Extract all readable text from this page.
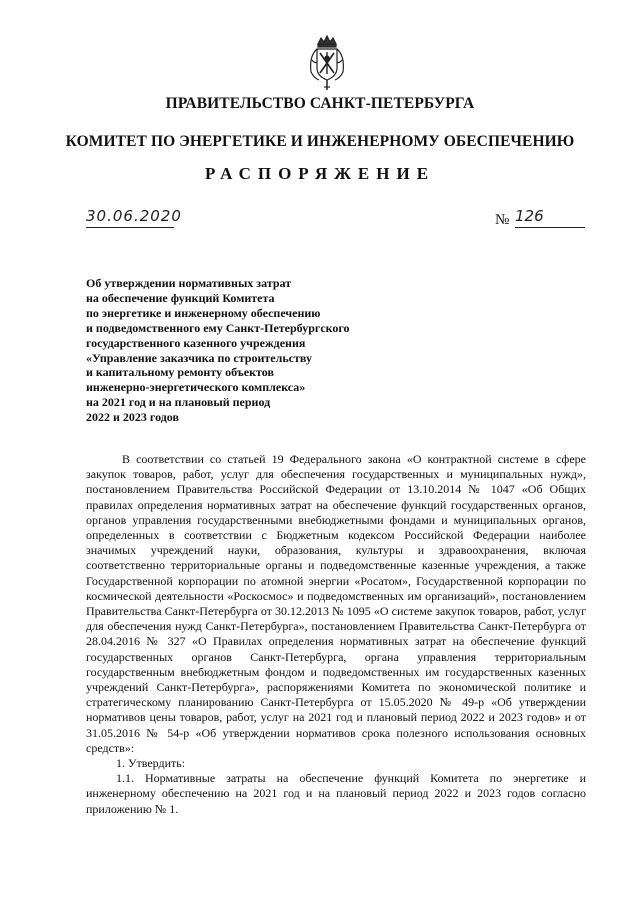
ПРАВИТЕЛЬСТВО САНКТ-ПЕТЕРБУРГА
КОМИТЕТ ПО ЭНЕРГЕТИКЕ И ИНЖЕНЕРНОМУ ОБЕСПЕЧЕНИЮ
РАСПОРЯЖЕНИЕ
30.06.2020	№ 126
Об утверждении нормативных затрат
на обеспечение функций Комитета
по энергетике и инженерному обеспечению
и подведомственного ему Санкт-Петербургского
государственного казенного учреждения
«Управление заказчика по строительству
и капитальному ремонту объектов
инженерно-энергетического комплекса»
на 2021 год и на плановый период
2022 и 2023 годов

В соответствии со статьей 19 Федерального закона «О контрактной системе в сфере закупок товаров, работ, услуг для обеспечения государственных и муниципальных нужд», постановлением Правительства Российской Федерации от 13.10.2014 № 1047 «Об Общих правилах определения нормативных затрат на обеспечение функций государственных органов, органов управления государственными внебюджетными фондами и муниципальных органов, определенных в соответствии с Бюджетным кодексом Российской Федерации наиболее значимых учреждений науки, образования, культуры и здравоохранения, включая соответственно территориальные органы и подведомственные казенные учреждения, а также Государственной корпорации по атомной энергии «Росатом», Государственной корпорации по космической деятельности «Роскосмос» и подведомственных им организаций», постановлением Правительства Санкт-Петербурга от 30.12.2013 № 1095 «О системе закупок товаров, работ, услуг для обеспечения нужд Санкт-Петербурга», постановлением Правительства Санкт-Петербурга от 28.04.2016 № 327 «О Правилах определения нормативных затрат на обеспечение функций государственных органов Санкт-Петербурга, органа управления территориальным государственным внебюджетным фондом и подведомственных им государственных казенных учреждений Санкт-Петербурга», распоряжениями Комитета по экономической политике и стратегическому планированию Санкт-Петербурга от 15.05.2020 № 49-р «Об утверждении нормативов цены товаров, работ, услуг на 2021 год и плановый период 2022 и 2023 годов» и от 31.05.2016 № 54-р «Об утверждении нормативов срока полезного использования основных средств»:

1. Утвердить:

1.1. Нормативные затраты на обеспечение функций Комитета по энергетике и инженерному обеспечению на 2021 год и на плановый период 2022 и 2023 годов согласно приложению № 1.
